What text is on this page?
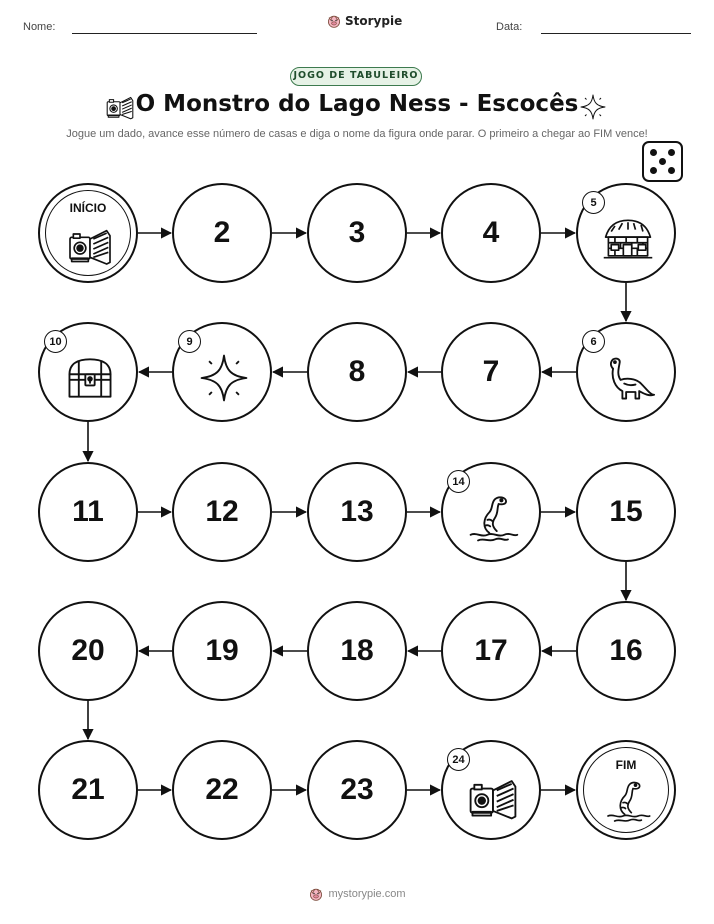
Nome:	Storypie	Data:
JOGO DE TABULEIRO
O Monstro do Lago Ness - Escocês
Jogue um dado, avance esse número de casas e diga o nome da figura onde parar. O primeiro a chegar ao FIM vence!
INÍCIO
2	3	4
5
6
7
8
9
10
11	12	13
14
15
16
17
18
19
20
21	22	23
24	FIM
mystorypie.com
